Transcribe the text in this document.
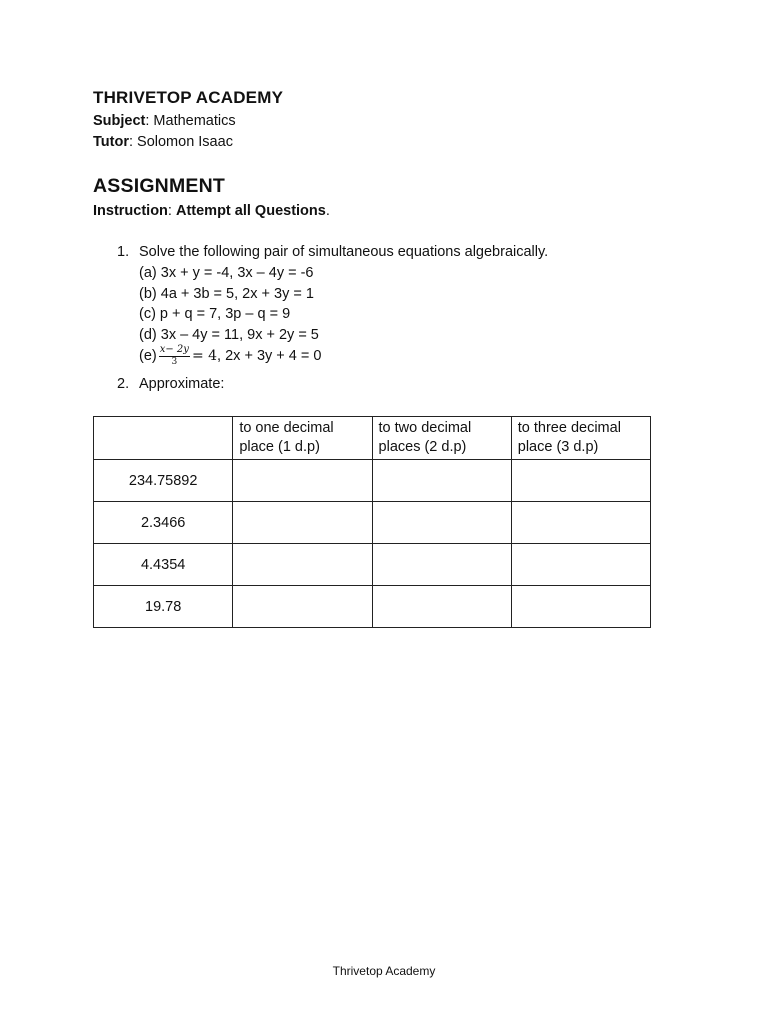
THRIVETOP ACADEMY
Subject: Mathematics
Tutor: Solomon Isaac
ASSIGNMENT
Instruction: Attempt all Questions.
1. Solve the following pair of simultaneous equations algebraically.
(a) 3x + y = -4, 3x – 4y = -6
(b) 4a + 3b = 5, 2x + 3y = 1
(c) p + q = 7, 3p – q = 9
(d) 3x – 4y = 11, 9x + 2y = 5
$(e) \frac{x- 2y}{3} = 4$, 2x + 3y + 4 = 0
2. Approximate:
	to one decimal place (1 d.p)	to two decimal places (2 d.p)	to three decimal place (3 d.p)
234.75892			
2.3466			
4.4354			
19.78			
Thrivetop Academy
